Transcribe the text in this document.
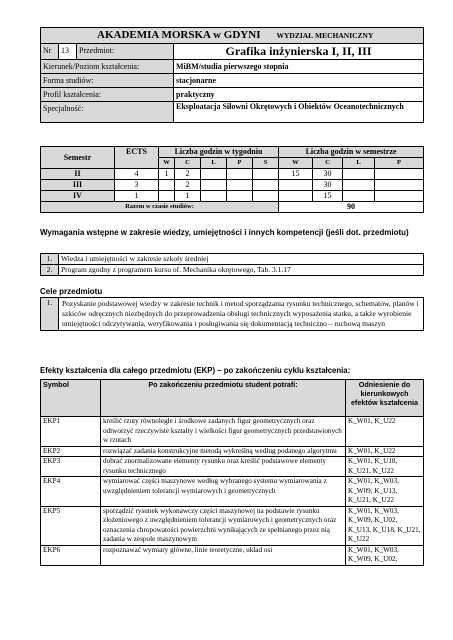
AKADEMIA MORSKA w GDYNI WYDZIAŁ MECHANICZNY			
Nr	13	Przedmiot:	Grafika inżynierska I, II, III
Kierunek/Poziom kształcenia:			MiBM/studia pierwszego stopnia
Forma studiów:			stacjonarne
Profil kształcenia:			praktyczny
Specjalność:			Eksploatacja Siłowni Okrętowych i Obiektów Oceanotechnicznych
Semestr	ECTS	Liczba godzin w tygodniu					Liczba godzin w semestrze			
		W	C	L	P	S	W	C	L	P
II	4	1	2				15	30		
III	3		2					30		
IV	1		1					15		
Razem w czasie studiów:							90			
Wymagania wstępne w zakresie wiedzy, umiejętności i innych kompetencji (jeśli dot. przedmiotu)
1.	Wiedza i umiejętności w zakresie szkoły średniej
2.	Program zgodny z programem kursu of. Mechanika okrętowego, Tab. 3.1.17
Cele przedmiotu
1.	Pozyskanie podstawowej wiedzy w zakresie technik i metod sporządzania rysunku technicznego, schematów, planów i szkiców odręcznych niezbędnych do przeprowadzenia obsługi technicznych wyposażenia statku, a także wyrobienie umiejętności odczytywania, weryfikowania i posługiwania się dokumentacją techniczno – ruchową maszyn
Efekty kształcenia dla całego przedmiotu (EKP) – po zakończeniu cyklu kształcenia:
Symbol	Po zakończeniu przedmiotu student potrafi:	Odniesienie do kierunkowych efektów kształcenia
EKP1	kreślić rzuty równoległe i środkowe zadanych figur geometrycznych oraz odtworzyć rzeczywiste kształty i wielkości figur geometrycznych przedstawionych w rzutach	K_W01, K_U22
EKP2	rozwiązać zadania konstrukcyjne metodą wykreślną według podanego algorytmu	K_W01, K_U22
EKP3	dobrać znormalizowane elementy rysunku oraz kreślić podstawowe elementy rysunku technicznego	K_W01, K_U18, K_U21, K_U22
EKP4	wymiarować części maszynowe według wybranego systemu wymiarowania z uwzględnieniem tolerancji wymiarowych i geometrycznych	K_W01, K_W03, K_W09, K_U13, K_U21, K_U22
EKP5	sporządzić rysunek wykonawczy części maszynowej na podstawie rysunku złożeniowego z uwzględnieniem tolerancji wymiarowych i geometrycznych oraz oznaczenia chropowatości powierzchni wynikających ze spełnianego przez nią zadania w zespole maszynowym	K_W01, K_W03, K_W09, K_U02, K_U13, K_U18, K_U21, K_U22
EKP6	rozpoznawać wymiary główne, linie teoretyczne, układ osi	K_W01, K_W03, K_W09, K_U02,
